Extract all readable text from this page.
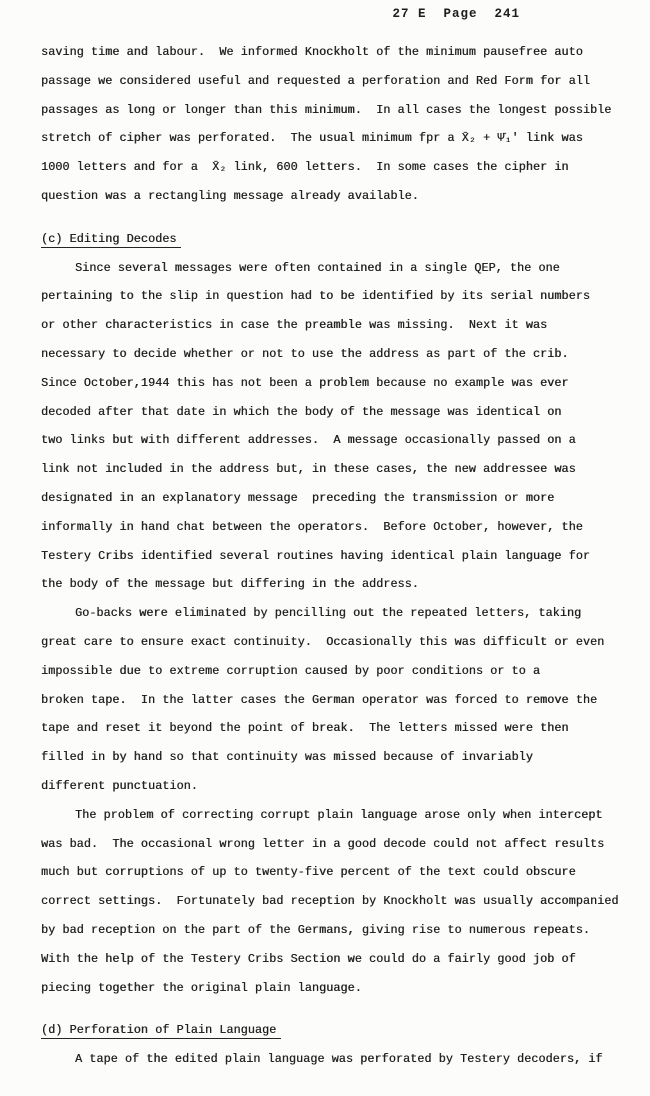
27 E  Page  241
saving time and labour.  We informed Knockholt of the minimum pausefree auto
passage we considered useful and requested a perforation and Red Form for all
passages as long or longer than this minimum.  In all cases the longest possible
stretch of cipher was perforated.  The usual minimum fpr a X̄₂ + Ψ̄₁′ link was
1000 letters and for a  X̄₂ link, 600 letters.  In some cases the cipher in
question was a rectangling message already available.
(c) Editing Decodes
Since several messages were often contained in a single QEP, the one
pertaining to the slip in question had to be identified by its serial numbers
or other characteristics in case the preamble was missing.  Next it was
necessary to decide whether or not to use the address as part of the crib.
Since October,1944 this has not been a problem because no example was ever
decoded after that date in which the body of the message was identical on
two links but with different addresses.  A message occasionally passed on a
link not included in the address but, in these cases, the new addressee was
designated in an explanatory message  preceding the transmission or more
informally in hand chat between the operators.  Before October, however, the
Testery Cribs identified several routines having identical plain language for
the body of the message but differing in the address.
Go-backs were eliminated by pencilling out the repeated letters, taking
great care to ensure exact continuity.  Occasionally this was difficult or even
impossible due to extreme corruption caused by poor conditions or to a
broken tape.  In the latter cases the German operator was forced to remove the
tape and reset it beyond the point of break.  The letters missed were then
filled in by hand so that continuity was missed because of invariably
different punctuation.
The problem of correcting corrupt plain language arose only when intercept
was bad.  The occasional wrong letter in a good decode could not affect results
much but corruptions of up to twenty-five percent of the text could obscure
correct settings.  Fortunately bad reception by Knockholt was usually accompanied
by bad reception on the part of the Germans, giving rise to numerous repeats.
With the help of the Testery Cribs Section we could do a fairly good job of
piecing together the original plain language.
(d) Perforation of Plain Language
A tape of the edited plain language was perforated by Testery decoders, if
